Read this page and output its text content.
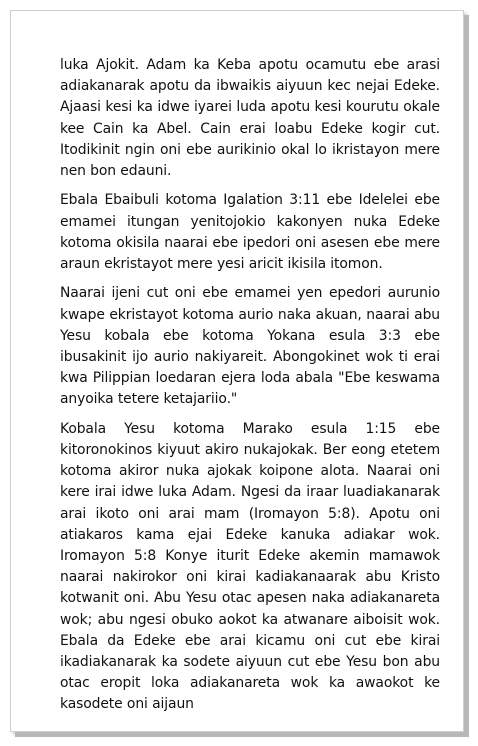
luka Ajokit. Adam ka Keba apotu ocamutu ebe arasi adiakanarak apotu da ibwaikis aiyuun kec nejai Edeke. Ajaasi kesi ka idwe iyarei luda apotu kesi kourutu okale kee Cain ka Abel. Cain erai loabu Edeke kogir cut. Itodikinit ngin oni ebe aurikinio okal lo ikristayon mere nen bon edauni.

Ebala Ebaibuli kotoma Igalation 3:11 ebe Idelelei ebe emamei itungan yenitojokio kakonyen nuka Edeke kotoma okisila naarai ebe ipedori oni asesen ebe mere araun ekristayot mere yesi aricit ikisila itomon.

Naarai ijeni cut oni ebe emamei yen epedori aurunio kwape ekristayot kotoma aurio naka akuan, naarai abu Yesu kobala ebe kotoma Yokana esula 3:3 ebe ibusakinit ijo aurio nakiyareit. Abongokinet wok ti erai kwa Pilippian loedaran ejera loda abala "Ebe keswama anyoika tetere ketajariio."

Kobala Yesu kotoma Marako esula 1:15 ebe kitoronokinos kiyuut akiro nukajokak. Ber eong etetem kotoma akiror nuka ajokak koipone alota. Naarai oni kere irai idwe luka Adam. Ngesi da iraar luadiakanarak arai ikoto oni arai mam (Iromayon 5:8). Apotu oni atiakaros kama ejai Edeke kanuka adiakar wok. Iromayon 5:8 Konye iturit Edeke akemin mamawok naarai nakirokor oni kirai kadiakanaarak abu Kristo kotwanit oni. Abu Yesu otac apesen naka adiakanareta wok; abu ngesi obuko aokot ka atwanare aiboisit wok. Ebala da Edeke ebe arai kicamu oni cut ebe kirai ikadiakanarak ka sodete aiyuun cut ebe Yesu bon abu otac eropit loka adiakanareta wok ka awaokot ke kasodete oni aijaun
